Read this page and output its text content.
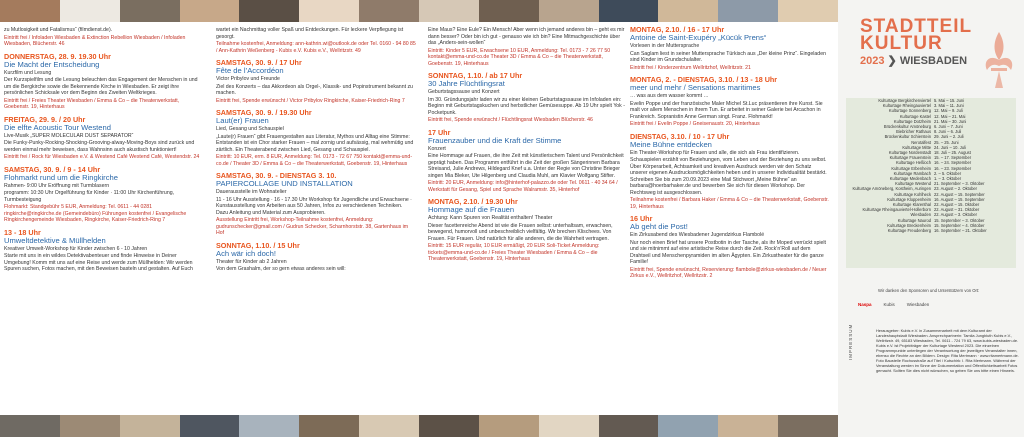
zu Mutlosigkeit und Fatalismus“ (filmdienst.de).
Eintritt frei / Infoladen Wiesbaden & Extinction Rebellion Wiesbaden / Infoladen Wiesbaden, Blücherstr. 46
DONNERSTAG, 28. 9. 19.30 Uhr
Die Macht der Entscheidung
Kurzfilm und Lesung
Der Kurzspielfilm und die Lesung beleuchten das Engagement der Menschen in und um die Bergkirche sowie die Bekennende Kirche in Wiesbaden. Er zeigt ihre persönlichen Schicksale vor dem Beginn des Zweiten Weltkrieges.
Eintritt frei / Freies Theater Wiesbaden / Emma & Co – die Theaterwerkstatt, Goebenstr. 19, Hinterhaus
FREITAG, 29. 9. / 20 Uhr
Die elfte Acoustic Tour Westend
Live-Musik „SUPER MOLECULAR DUST SEPARATOR“
Die Funky-Punky-Rocking-Shocking-Grooving-alway-Moving-Boys sind zurück und werden einmal mehr beweisen, dass Wahnsinn auch akustisch funktioniert!
Eintritt frei / Rock für Wiesbaden e.V. & Westend Café Westend Café, Westendstr. 24
SAMSTAG, 30. 9. / 9 - 14 Uhr
Flohmarkt rund um die Ringkirche
Rahmen- 9:00 Uhr Eröffnung mit Turmblasern
programm: 10:30 Uhr Orgelführung für Kinder · 11:00 Uhr Kirchenführung, Turmbesteigung
Flohmarkt: Standgebühr 5 EUR, Anmeldung: Tel. 0611 - 44 0281 ringkirche@ringkirche.de (Gemeindebüro) Führungen kostenfrei / Evangelische Ringkirchengemeinde Wiesbaden, Ringkirche, Kaiser-Friedrich-Ring 7
13 - 18 Uhr
Umweltdetektive & Müllhelden
Kreativer Umwelt-Workshop für Kinder zwischen 6 - 10 Jahren
Starte mit uns in ein wildes Detektivabenteuer und finde Hinweise in Deiner Umgebung! Komm mit uns auf eine Reise und werde zum Müllhelden: Wir werden Spuren suchen, Fotos machen, mit den Beweisen basteln und gestalten. Auf Euch
wartet ein Nachmittag voller Spaß und Entdeckungen. Für leckere Verpflegung ist gesorgt.
Teilnahme kostenfrei, Anmeldung: ann-kathrin.wi@outlook.de oder Tel. 0160 - 94 80 85 / Ann-Kathrin Weßenberg - Kubis e.V. Kubis e.V., Wellritzstr. 49
SAMSTAG, 30. 9. / 17 Uhr
Fête de l’Accordéon
Victor Pribylov und Freunde
Ziel des Konzerts – das Akkordeon als Orgel-, Klassik- und Popinstrument bekannt zu machen.
Eintritt frei, Spende erwünscht / Victor Pribylov Ringkirche, Kaiser-Friedrich-Ring 7
SAMSTAG, 30. 9. / 19.30 Uhr
Laut(er) Frauen
Lied, Gesang und Schauspiel
„Laute(r) Frauen“ gibt Frauengestalten aus Literatur, Mythos und Alltag eine Stimme: Entstanden ist ein Chor starker Frauen – mal zornig und aufsässig, mal wehmütig und zärtlich. Ein Theaterabend zwischen Lied, Gesang und Schauspiel.
Eintritt: 10 EUR, erm. 8 EUR, Anmeldung: Tel. 0173 - 72 67 750 kontakt@emma-und-co.de / Theater 3D / Emma & Co – die Theaterwerkstatt, Goebenstr. 19, Hinterhaus
SAMSTAG, 30. 9. - DIENSTAG 3. 10.
PAPIERCOLLAGE UND INSTALLATION
Dauerausstelle im Wohnatelier
11 - 16 Uhr Ausstellung · 16 - 17.30 Uhr Workshop für Jugendliche und Erwachsene · Kunstausstellung von Arbeiten aus 50 Jahren, Infos zu verschiedenen Techniken. Dazu Anleitung und Material zum Ausprobieren.
Ausstellung Eintritt frei, Workshop-Teilnahme kostenfrei, Anmeldung: gudrunschecker@gmail.com / Gudrun Schecker, Scharnhorststr. 38, Gartenhaus im Hof
SONNTAG, 1.10. / 15 Uhr
Ach wär ich doch!
Theater für Kinder ab 2 Jahren
Von dem Grashalm, der so gern etwas anderes sein will:
Eine Maus? Eine Eule? Ein Mensch! Aber wenn ich jemand anderes bin – geht es mir dann besser? Oder bin ich gut - genauso wie ich bin? Eine Mitmachgeschichte über das „Anders-sein-wollen“
Eintritt: Kinder 5 EUR, Erwachsene 10 EUR, Anmeldung: Tel. 0173 - 7 26 77 50 kontakt@emma-und-co.de Theater 3D / Emma & Co – die Theaterwerkstatt, Goebenstr. 19, Hinterhaus
SONNTAG, 1.10. / ab 17 Uhr
30 Jahre Flüchtlingsrat
Geburtstagssause und Konzert
Im 30. Gründungsjahr laden wir zu einer kleinen Geburtstagssause im Infoladen ein: Beginn mit Geburtstagskuchen und herbstlicher Gemüsesuppe. Ab 19 Uhr spielt Yok - Pocketpunk.
Eintritt frei, Spende erwünscht / Flüchtlingsrat Wiesbaden Blücherstr. 46
17 Uhr
Frauenzauber und die Kraft der Stimme
Konzert
Eine Hommage auf Frauen, die ihre Zeit mit künstlerischem Talent und Persönlichkeit geprägt haben. Das Programm entführt in die Zeit der großen Sängerinnen Barbara Streisand, Julie Andrews, Hildegard Knef u.a. Unter der Regie von Christine Brieger singen Mia Bleker, Ute Hilgenberg und Claudia Muhl, am Klavier Wolfgang Stifter.
Eintritt: 20 EUR, Anmeldung: info@hinterhof-palazzo.de oder Tel. 0611 - 40 34 64 / Werkstatt für Gesang, Spiel und Sprache Walramstr. 35, Hinterhof
MONTAG, 2.10. / 19.30 Uhr
Hommage auf die Frauen
Achtung: Kann Spuren von Realität enthalten! Theater
Dieser facettenreiche Abend ist wie die Frauen selbst: unterhaltsam, erwachsen, bewegend, humorvoll und unbeschreiblich vielfältig. Wir brechen Klischees. Von Frauen. Für Frauen. Und natürlich für alle anderen, die die Wahrheit vertragen.
Eintritt: 15 EUR regulär, 10 EUR ermäßigt, 20 EUR Soli-Ticket Anmeldung: tickets@emma-und-co.de / Freies Theater Wiesbaden / Emma & Co – die Theaterwerkstatt, Goebenstr. 19, Hinterhaus
MONTAG, 2.10. / 16 - 17 Uhr
Antoine de Saint-Exupéry „Kücük Prens“
Vorlesen in der Muttersprache
Can Saglam liest in seiner Muttersprache Türkisch aus „Der kleine Prinz“. Eingeladen sind Kinder im Grundschulalter.
Eintritt frei / Kinderzentrum Wellritzhof, Wellritzstr. 21
MONTAG, 2. - DIENSTAG, 3.10. / 13 - 18 Uhr
meer und mehr / Sensations maritimes
… was aus dem wasser kommt …
Evelin Poppe und der französische Maler Michel St.Luc präsentieren ihre Kunst. Sie malt vor allem Menschen in ihrem Tun. Er arbeitet in seiner Galerie bei Arcachon in Frankreich. Sopranistin Anne German singt. Franz. Flohmarkt!
Eintritt frei / Evelin Poppe / Gneisenaustr. 20, Hinterhaus
DIENSTAG, 3.10. / 10 - 17 Uhr
Meine Bühne entdecken
Ein Theater-Workshop für Frauen und alle, die sich als Frau identifizieren.
Schauspielen erzählt von Beziehungen, vom Leben und der Beziehung zu uns selbst. Über Körperarbeit, Achtsamkeit und kreativen Ausdruck werden wir den Schatz unserer eigenen Ausdrucksmöglichkeiten heben und in unserer Individualität bestärkt. Schreiben Sie bis zum 20.09.2023 eine Mail Stichwort „Meine Bühne“ an barbara@hoerbarhaker.de und bewerben Sie sich für diesen Workshop. Der Rechtsweg ist ausgeschlossen.
Teilnahme kostenfrei / Barbara Haker / Emma & Co – die Theaterwerkstatt, Goebenstr. 19, Hinterhaus
16 Uhr
Ab geht die Post!
Ein Zirkusabend des Wiesbadener Jugendzirkus Flambolé
Nur noch einen Brief hat unsere Postbotin in der Tasche, als ihr Moped verrückt spielt und sie mitnimmt auf eine artistische Reise durch die Zeit. Rock’n’Roll auf dem Drahtseil und Menschenpyramiden im alten Ägypten. Ein Zirkustheater für die ganze Familie!
Eintritt frei, Spende erwünscht, Reservierung: flambole@zirkus-wiesbaden.de / Neuer Zirkus e.V., Wellritzhof, Wellritzstr. 2
STADTTEIL
KULTUR
2023 ❯ WIESBADEN
Kulturtage Bergkirchenviertel 5. Mai – 15. Juni
Kulturtage Rheingauviertel 3. Mai – 11. Juni
Kulturtage Sonnenberg 12. Mai – 9. Juli
Kulturtage Kastel 12. Mai – 21. Mai
Kulturtage Dotzheim 21. Mai – 30. Juni
Brückenkultur Amöneburg 6. Juni – 7. Juni
Biebricher Rathaus 8. Juni – 6. Juli
Brückenkultur Schierstein 29. Juni – 2. Juli
Nerotalfest 25. – 25. Juni
Kulturtage Mitte 24. Juni – 10. Juli
Kulturtage Nordenstadt 18. Juli – 25. August
Kulturtage Frauenstein 15. – 17. September
Kulturtage Heßloch 16. – 24. September
Kulturtage Erbenheim 16. – 23. September
Kulturtage Rambach 2. – 5. Oktober
Kulturtage Medenbach 1. – 3. Oktober
Kulturtage Westend 21. September – 3. Oktober
Kulturtage Amöneberg, Kostheim, Auringen 23. August – 2. Oktober
Kulturtage Kohlheck 22. August – 15. September
Kulturtage Kloppenheim 16. August – 15. September
Kulturtage Klarenthal 22. August – 15. Oktober
Kulturtage Rheingauviertel-Hollerborn 22. August – 31. Oktober
Wiesbaden 22. August – 3. Oktober
Kulturtage Naurod 15. September – 3. Oktober
Kulturtage Breckenheim 15. September – 4. Oktober
Kulturtage Freudenberg 16. September – 21. Oktober
Wir danken den Sponsoren und Unterstützern von Ort:
Naspa	Kubis	Wiesbaden
IMPRESSUM	Herausgeber: Kubis e.V. in Zusammenarbeit mit dem Kulturamt der Landeshauptstadt Wiesbaden. Ansprechpartnerin: Tamila Jungbluth Kubis e.V., Wellritzstr. 49, 65183 Wiesbaden, Tel. 0611 - 724 79 63, www.kubis-wiesbaden.de. Kubis e.V. ist Projektträger der Kulturtage Westend 2023. Die einzelnen Programmpunkte unterliegen der Verantwortung der jeweiligen Veranstalter innen, ebenso die Rechte an den Bildern. Design: Rita Mertmann · www.ritamertmann.de. Foto Baustelle Rochusstraße auf Titel / Kutschirk: I. Rita Mertmann. Während der Veranstaltung werden im Sinne der Dokumentation und Öffentlichkeitsarbeit Fotos gemacht. Sollten Sie dies nicht wünschen, so geben Sie uns bitte einen Hinweis.
